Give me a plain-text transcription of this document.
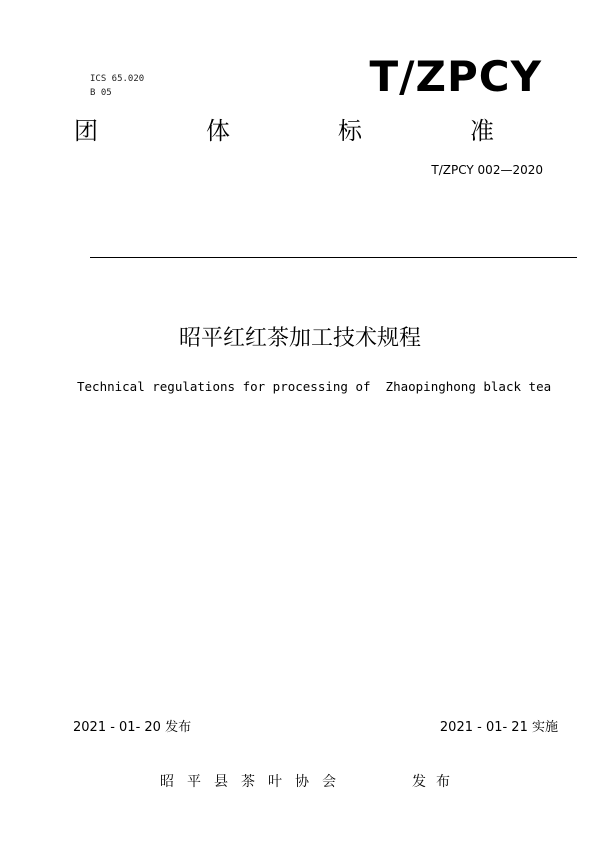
ICS 65.020
B 05	T/ZPCY
团	体	标	准
T/ZPCY 002—2020
昭平红红茶加工技术规程
Technical regulations for processing of  Zhaopinghong black tea
2021 - 01- 20 发布	2021 - 01- 21 实施
昭平县茶叶协会	发布
